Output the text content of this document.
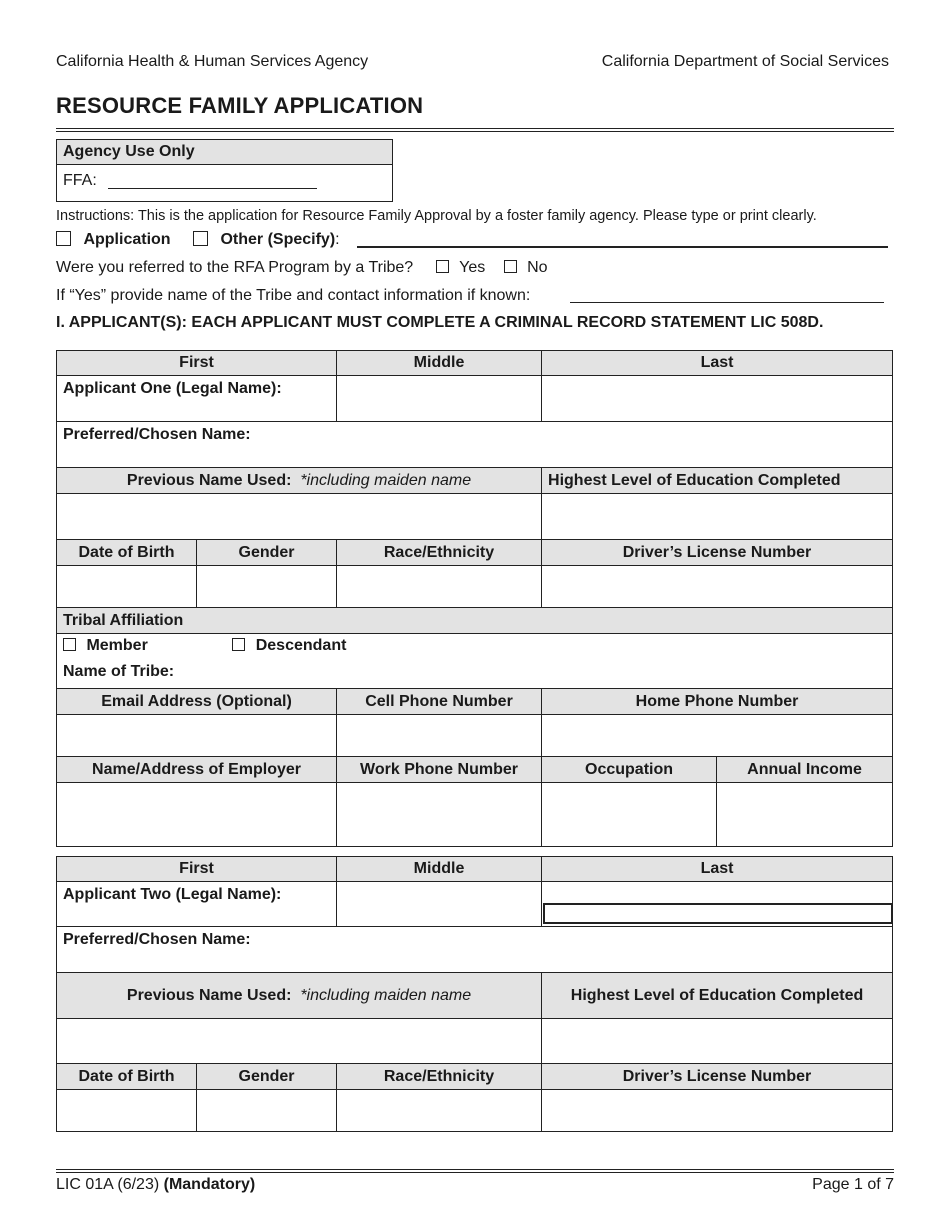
California Health & Human Services Agency	California Department of Social Services
RESOURCE FAMILY APPLICATION
Agency Use Only
FFA:
Instructions: This is the application for Resource Family Approval by a foster family agency. Please type or print clearly.
Application	Other (Specify):
Were you referred to the RFA Program by a Tribe?	Yes	No
If “Yes” provide name of the Tribe and contact information if known:
I. APPLICANT(S): EACH APPLICANT MUST COMPLETE A CRIMINAL RECORD STATEMENT LIC 508D.
First		Middle	Last	
Applicant One (Legal Name):				
Preferred/Chosen Name:				
Previous Name Used: *including maiden name			Highest Level of Education Completed	

Date of Birth	Gender	Race/Ethnicity	Driver’s License Number	

Tribal Affiliation				

Member Descendant
Name of Tribe:				

Email Address (Optional)		Cell Phone Number	Home Phone Number	

Name/Address of Employer		Work Phone Number	Occupation	Annual Income

First		Middle	Last
Applicant Two (Legal Name):			

Preferred/Chosen Name:			
Previous Name Used: *including maiden name			Highest Level of Education Completed

Date of Birth	Gender	Race/Ethnicity	Driver’s License Number

LIC 01A (6/23) (Mandatory)	Page 1 of 7
